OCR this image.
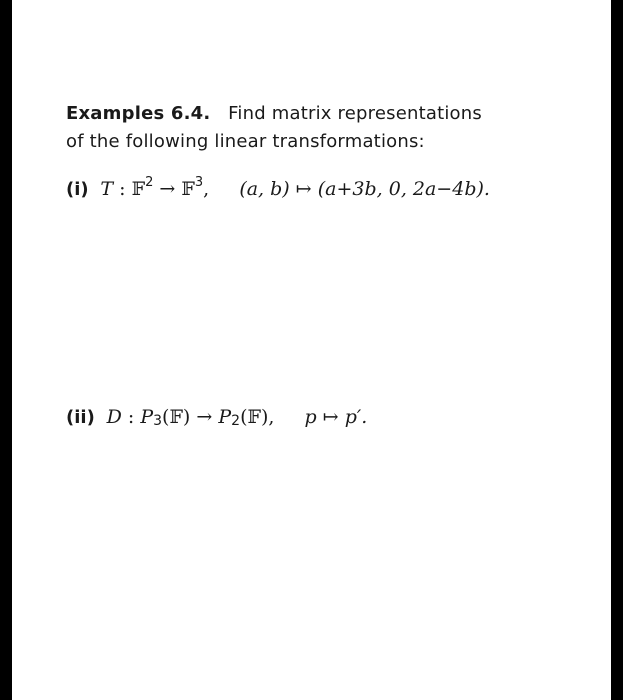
Examples 6.4. Find matrix representations
of the following linear transformations:
(i) T : 𝔽$^2$ → 𝔽$^3$, (a, b) ↦ (a+3b, 0, 2a−4b).
(ii) D : $P_3(𝔽)$ → $P_2(𝔽)$, p ↦ p′.
